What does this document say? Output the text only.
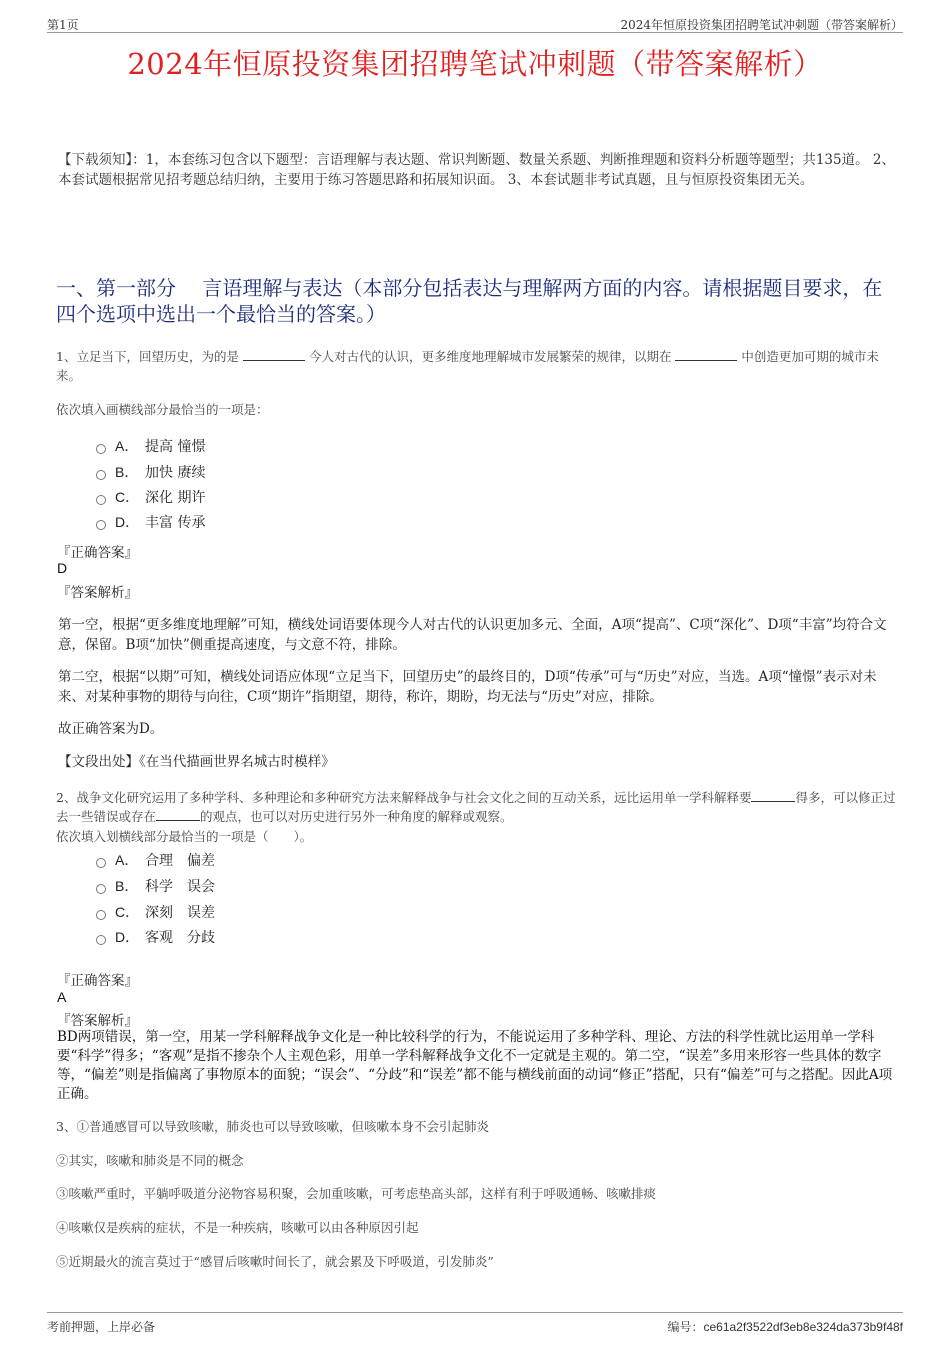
第1页	2024年恒原投资集团招聘笔试冲刺题（带答案解析）
2024年恒原投资集团招聘笔试冲刺题（带答案解析）
【下载须知】：1，本套练习包含以下题型：言语理解与表达题、常识判断题、数量关系题、判断推理题和资料分析题等题型；共135道。 2、本套试题根据常见招考题总结归纳，主要用于练习答题思路和拓展知识面。 3、本套试题非考试真题，且与恒原投资集团无关。
一、第一部分　 言语理解与表达（本部分包括表达与理解两方面的内容。请根据题目要求，在四个选项中选出一个最恰当的答案。）
1、立足当下，回望历史，为的是	今人对古代的认识，更多维度地理解城市发展繁荣的规律，以期在	中创造更加可期的城市未来。
依次填入画横线部分最恰当的一项是：
A． 提高 憧憬
B． 加快 赓续
C． 深化 期许
D． 丰富 传承
『正确答案』
D
『答案解析』
第一空，根据“更多维度地理解”可知，横线处词语要体现今人对古代的认识更加多元、全面，A项“提高”、C项“深化”、D项“丰富”均符合文意，保留。B项“加快”侧重提高速度，与文意不符，排除。
第二空，根据“以期”可知，横线处词语应体现“立足当下，回望历史”的最终目的，D项“传承”可与“历史”对应，当选。A项“憧憬”表示对未来、对某种事物的期待与向往，C项“期许”指期望，期待，称许，期盼，均无法与“历史”对应，排除。
故正确答案为D。
【文段出处】《在当代描画世界名城古时模样》
2、战争文化研究运用了多种学科、多种理论和多种研究方法来解释战争与社会文化之间的互动关系，远比运用单一学科解释要	得多，可以修正过去一些错误或存在	的观点，也可以对历史进行另外一种角度的解释或观察。
依次填入划横线部分最恰当的一项是（　　）。
A． 合理　偏差
B． 科学　误会
C． 深刻　误差
D． 客观　分歧
『正确答案』
A
『答案解析』
BD两项错误，第一空，用某一学科解释战争文化是一种比较科学的行为，不能说运用了多种学科、理论、方法的科学性就比运用单一学科要“科学”得多；“客观”是指不掺杂个人主观色彩，用单一学科解释战争文化不一定就是主观的。第二空，“误差”多用来形容一些具体的数字等，“偏差”则是指偏离了事物原本的面貌；“误会”、“分歧”和“误差”都不能与横线前面的动词“修正”搭配，只有“偏差”可与之搭配。因此A项正确。
3、①普通感冒可以导致咳嗽，肺炎也可以导致咳嗽，但咳嗽本身不会引起肺炎
②其实，咳嗽和肺炎是不同的概念
③咳嗽严重时，平躺呼吸道分泌物容易积聚，会加重咳嗽，可考虑垫高头部，这样有利于呼吸通畅、咳嗽排痰
④咳嗽仅是疾病的症状，不是一种疾病，咳嗽可以由各种原因引起
⑤近期最火的流言莫过于“感冒后咳嗽时间长了，就会累及下呼吸道，引发肺炎”
考前押题，上岸必备	编号：ce61a2f3522df3eb8e324da373b9f48f
